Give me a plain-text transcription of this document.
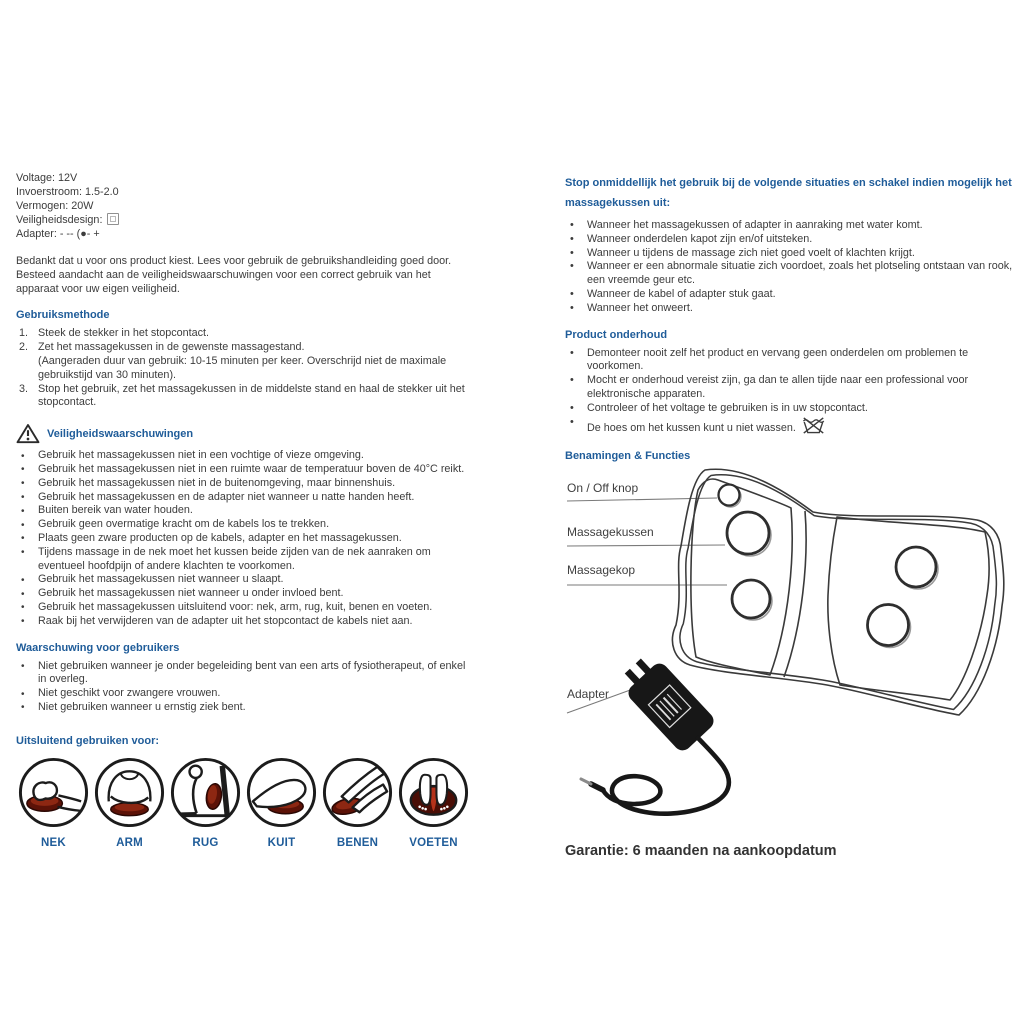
Voltage: 12V
Invoerstroom: 1.5-2.0
Vermogen: 20W
Veiligheidsdesign:
Adapter: - -- (●- +

Bedankt dat u voor ons product kiest. Lees voor gebruik de gebruikshandleiding goed door. Besteed aandacht aan de veiligheidswaarschuwingen voor een correct gebruik van het apparaat voor uw eigen veiligheid.

Gebruiksmethode
1. Steek de stekker in het stopcontact.
2. Zet het massagekussen in de gewenste massagestand.
(Aangeraden duur van gebruik: 10-15 minuten per keer. Overschrijd niet de maximale gebruikstijd van 30 minuten).
3. Stop het gebruik, zet het massagekussen in de middelste stand en haal de stekker uit het stopcontact.
Veiligheidswaarschuwingen
• Gebruik het massagekussen niet in een vochtige of vieze omgeving.
• Gebruik het massagekussen niet in een ruimte waar de temperatuur boven de 40°C reikt.
• Gebruik het massagekussen niet in de buitenomgeving, maar binnenshuis.
• Gebruik het massagekussen en de adapter niet wanneer u natte handen heeft.
• Buiten bereik van water houden.
• Gebruik geen overmatige kracht om de kabels los te trekken.
• Plaats geen zware producten op de kabels, adapter en het massagekussen.
• Tijdens massage in de nek moet het kussen beide zijden van de nek aanraken om eventueel hoofdpijn of andere klachten te voorkomen.
• Gebruik het massagekussen niet wanneer u slaapt.
• Gebruik het massagekussen niet wanneer u onder invloed bent.
• Gebruik het massagekussen uitsluitend voor: nek, arm, rug, kuit, benen en voeten.
• Raak bij het verwijderen van de adapter uit het stopcontact de kabels niet aan.
Waarschuwing voor gebruikers
• Niet gebruiken wanneer je onder begeleiding bent van een arts of fysiotherapeut, of enkel in overleg.
• Niet geschikt voor zwangere vrouwen.
• Niet gebruiken wanneer u ernstig ziek bent.
Uitsluitend gebruiken voor:
NEK	ARM	RUG	KUIT	BENEN	VOETEN
Stop onmiddellijk het gebruik bij de volgende situaties en schakel indien mogelijk het massagekussen uit:
• Wanneer het massagekussen of adapter in aanraking met water komt.
• Wanneer onderdelen kapot zijn en/of uitsteken.
• Wanneer u tijdens de massage zich niet goed voelt of klachten krijgt.
• Wanneer er een abnormale situatie zich voordoet, zoals het plotseling ontstaan van rook, een vreemde geur etc.
• Wanneer de kabel of adapter stuk gaat.
• Wanneer het onweert.
Product onderhoud
• Demonteer nooit zelf het product en vervang geen onderdelen om problemen te voorkomen.
• Mocht er onderhoud vereist zijn, ga dan te allen tijde naar een professional voor elektronische apparaten.
• Controleer of het voltage te gebruiken is in uw stopcontact.
• De hoes om het kussen kunt u niet wassen.
Benamingen & Functies
On / Off knop
Massagekussen
Massagekop
Adapter
Garantie: 6 maanden na aankoopdatum
